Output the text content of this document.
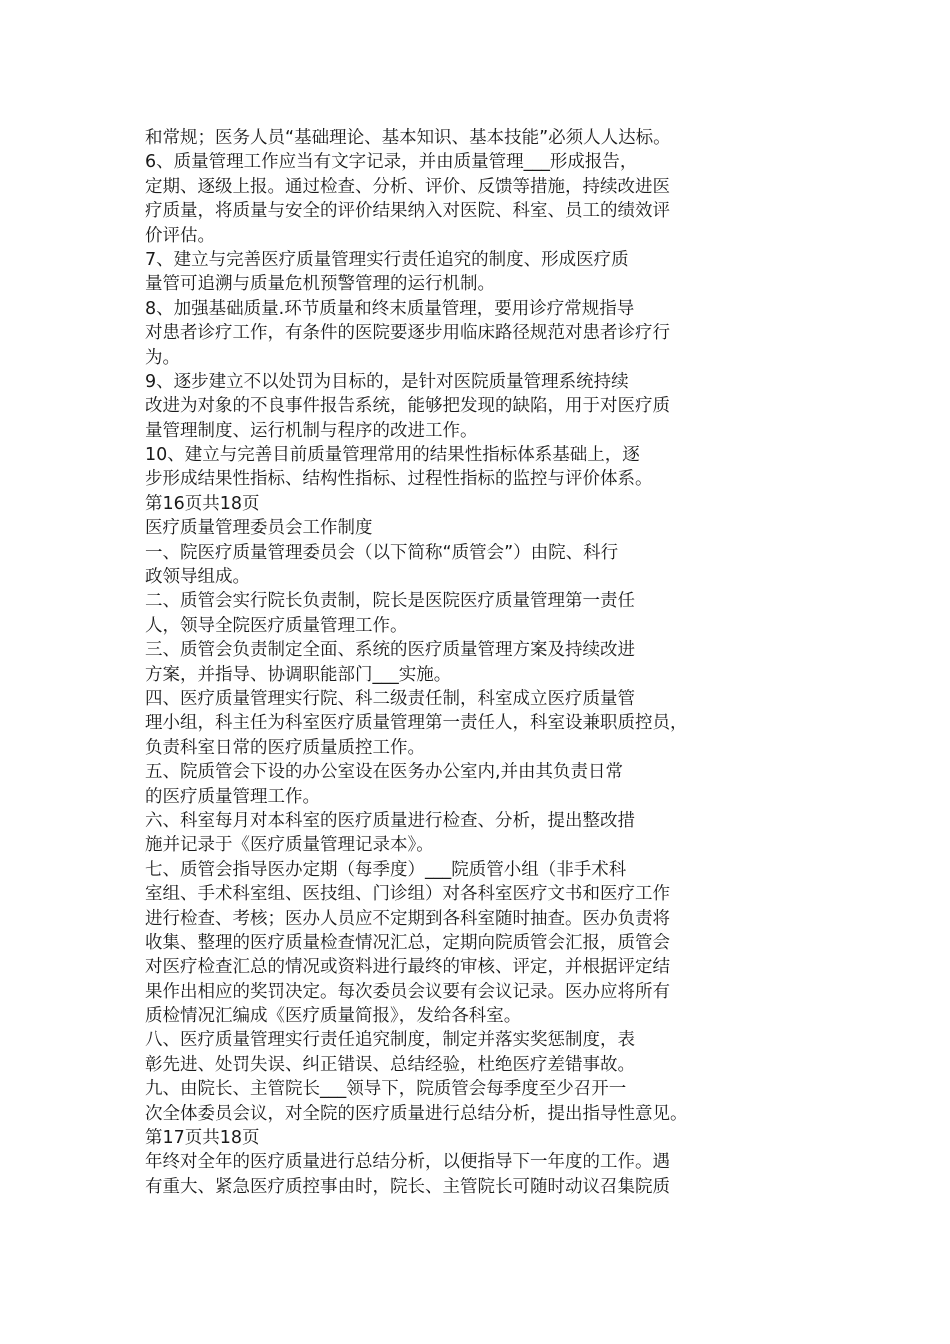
和常规；医务人员“基础理论、基本知识、基本技能”必须人人达标。
6、质量管理工作应当有文字记录，并由质量管理___形成报告，
定期、逐级上报。通过检查、分析、评价、反馈等措施，持续改进医
疗质量，将质量与安全的评价结果纳入对医院、科室、员工的绩效评
价评估。
7、建立与完善医疗质量管理实行责任追究的制度、形成医疗质
量管可追溯与质量危机预警管理的运行机制。
8、加强基础质量.环节质量和终末质量管理，要用诊疗常规指导
对患者诊疗工作，有条件的医院要逐步用临床路径规范对患者诊疗行
为。
9、逐步建立不以处罚为目标的，是针对医院质量管理系统持续
改进为对象的不良事件报告系统，能够把发现的缺陷，用于对医疗质
量管理制度、运行机制与程序的改进工作。
10、建立与完善目前质量管理常用的结果性指标体系基础上，逐
步形成结果性指标、结构性指标、过程性指标的监控与评价体系。
第16页共18页
医疗质量管理委员会工作制度
一、院医疗质量管理委员会（以下简称“质管会”）由院、科行
政领导组成。
二、质管会实行院长负责制，院长是医院医疗质量管理第一责任
人，领导全院医疗质量管理工作。
三、质管会负责制定全面、系统的医疗质量管理方案及持续改进
方案，并指导、协调职能部门___实施。
四、医疗质量管理实行院、科二级责任制，科室成立医疗质量管
理小组，科主任为科室医疗质量管理第一责任人，科室设兼职质控员，
负责科室日常的医疗质量质控工作。
五、院质管会下设的办公室设在医务办公室内,并由其负责日常
的医疗质量管理工作。
六、科室每月对本科室的医疗质量进行检查、分析，提出整改措
施并记录于《医疗质量管理记录本》。
七、质管会指导医办定期（每季度）___院质管小组（非手术科
室组、手术科室组、医技组、门诊组）对各科室医疗文书和医疗工作
进行检查、考核；医办人员应不定期到各科室随时抽查。医办负责将
收集、整理的医疗质量检查情况汇总，定期向院质管会汇报，质管会
对医疗检查汇总的情况或资料进行最终的审核、评定，并根据评定结
果作出相应的奖罚决定。每次委员会议要有会议记录。医办应将所有
质检情况汇编成《医疗质量简报》，发给各科室。
八、医疗质量管理实行责任追究制度，制定并落实奖惩制度，表
彰先进、处罚失误、纠正错误、总结经验，杜绝医疗差错事故。
九、由院长、主管院长___领导下，院质管会每季度至少召开一
次全体委员会议，对全院的医疗质量进行总结分析，提出指导性意见。
第17页共18页
年终对全年的医疗质量进行总结分析，以便指导下一年度的工作。遇
有重大、紧急医疗质控事由时，院长、主管院长可随时动议召集院质
